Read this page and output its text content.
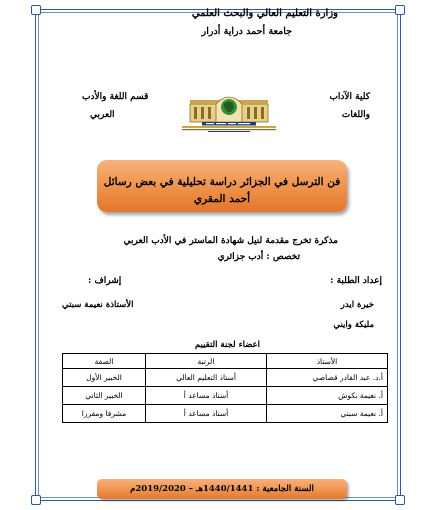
وزارة التعليم العالي والبحث العلمي
جامعة أحمد دراية أدرار
كلية الآداب
واللغات
قسم اللغة والأدب
العربي
فن الترسل في الجزائر دراسة تحليلية في بعض رسائل
أحمد المقري
مذكرة تخرج مقدمة لنيل شهادة الماستر في الأدب العربي
تخصص : أدب جزائري
إعداد الطلبة :
إشراف :
خيرة ايدر
الأستاذة نعيمة سبتي
مليكة وايني
اعضاء لجنة التقييم
الأستاذ	الرتبة	الصفة
أ.د. عبد القادر قصاصي	أستاذ التعليم العالي	الخبير الأول
أ. نعيمة بكوش	أستاذ مساعد أ	الخبير الثاني
أ. نعيمة سبتي	أستاذ مساعد أ	مشرفا ومقررا
السنة الجامعية : 1440/1441هـ – 2019/2020م
